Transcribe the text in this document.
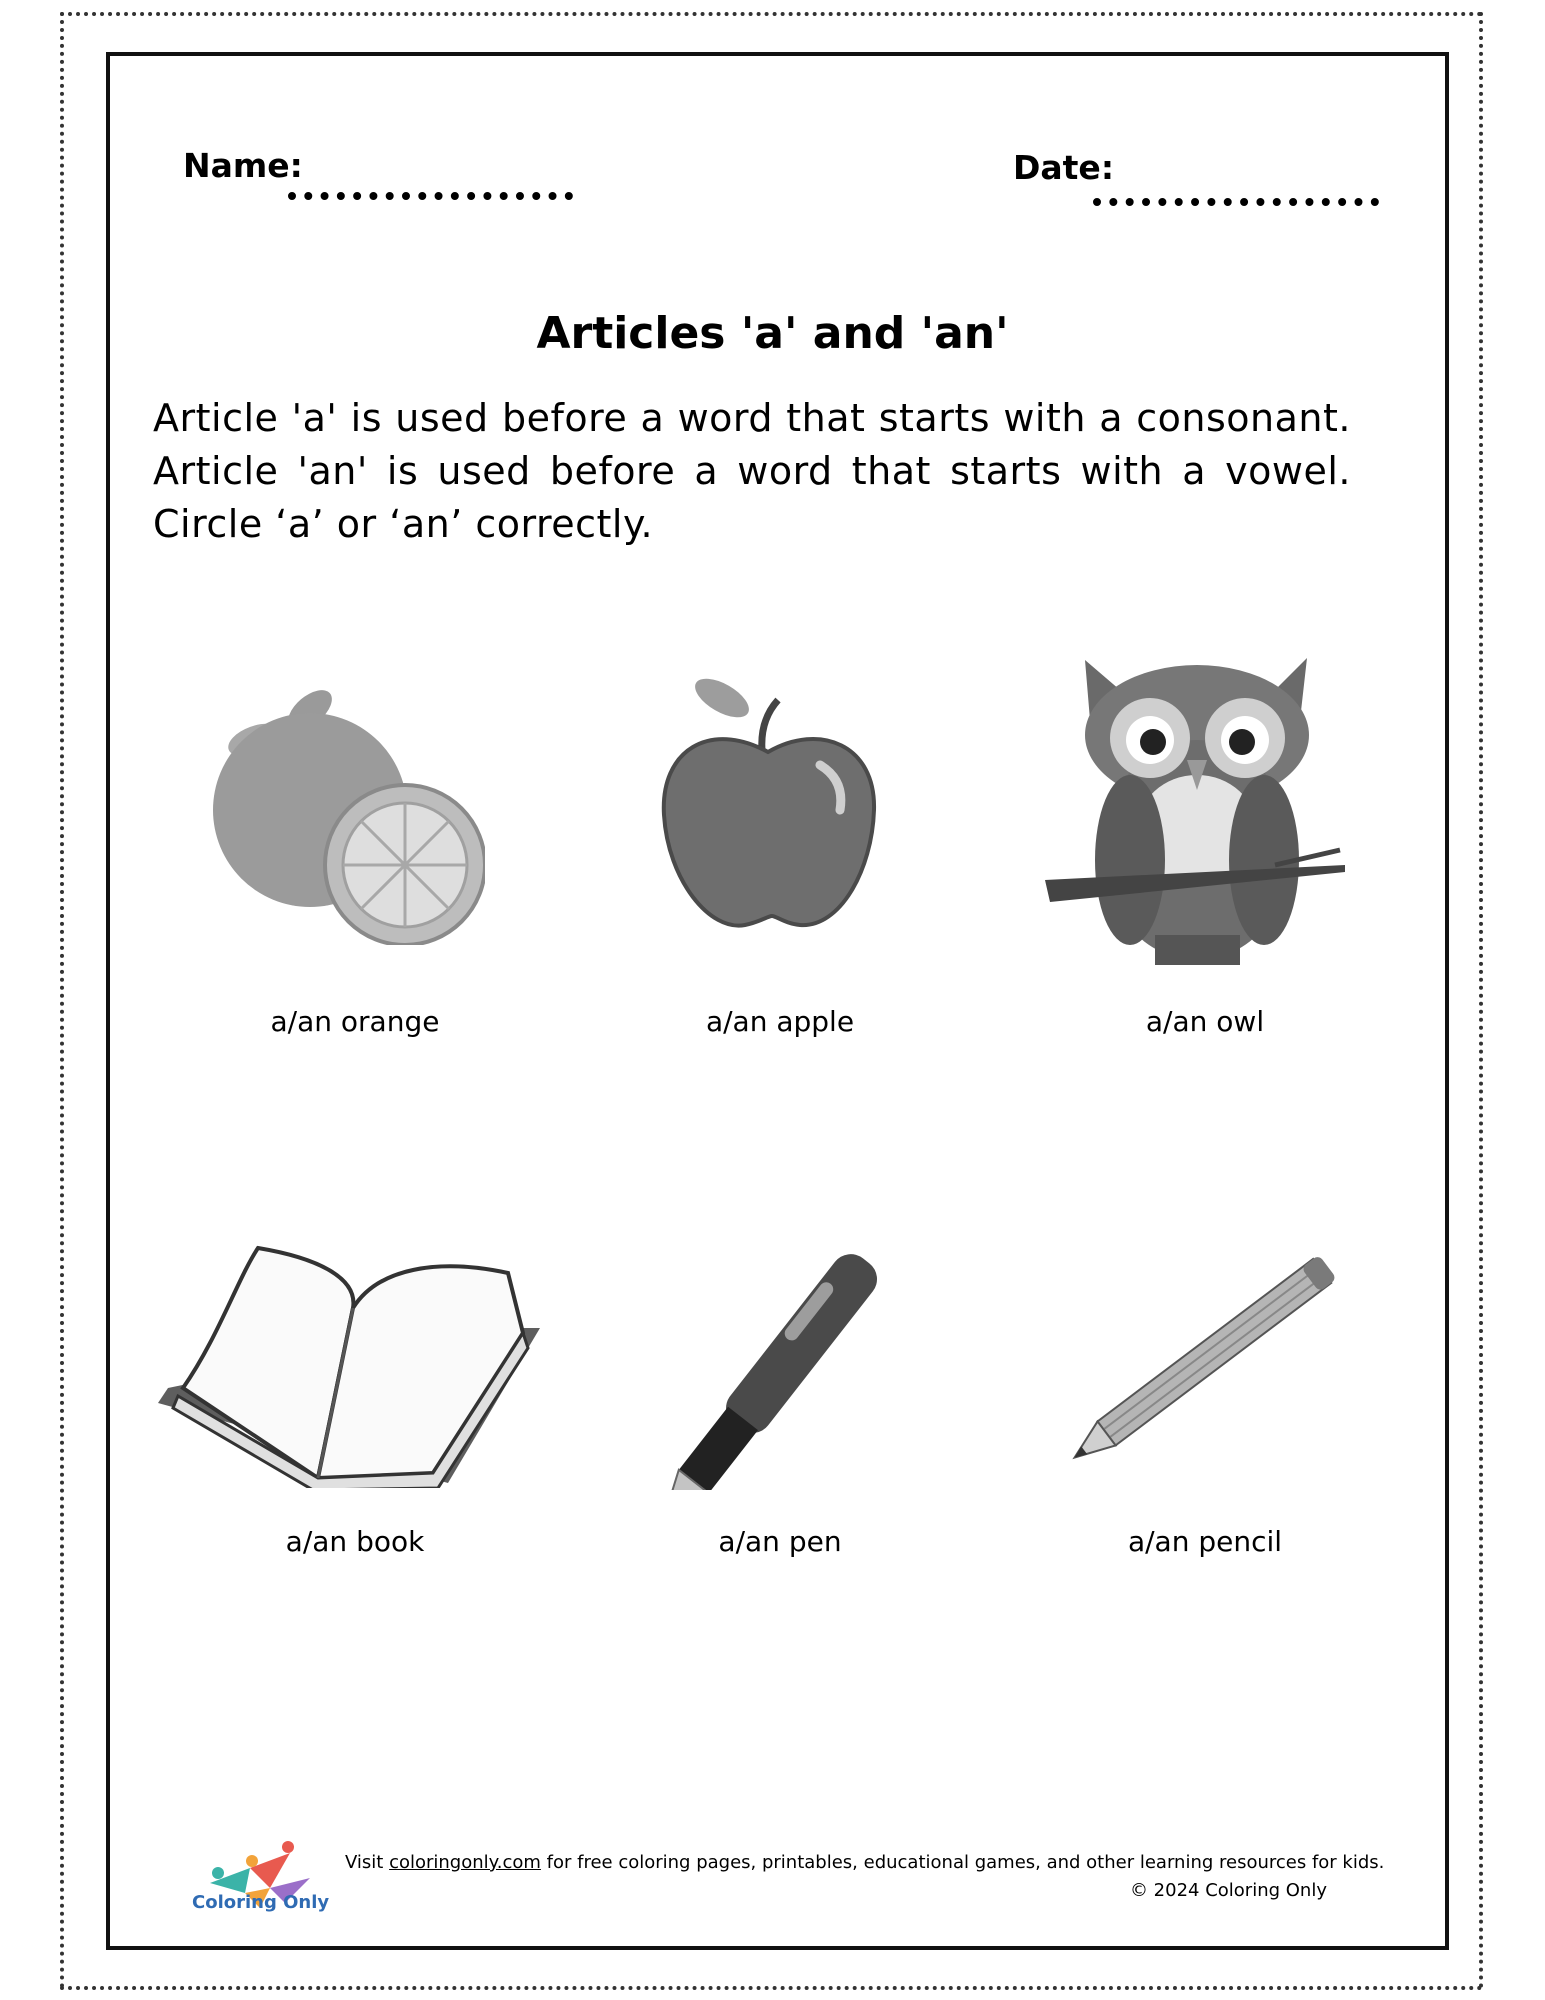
Name:	Date:
Articles 'a' and 'an'
Article 'a' is used before a word that starts with a consonant. Article 'an' is used before a word that starts with a vowel. Circle ‘a’ or ‘an’ correctly.
a/an orange	a/an apple	a/an owl
a/an book	a/an pen	a/an pencil
Coloring Only
Visit coloringonly.com for free coloring pages, printables, educational games, and other learning resources for kids.
© 2024 Coloring Only
